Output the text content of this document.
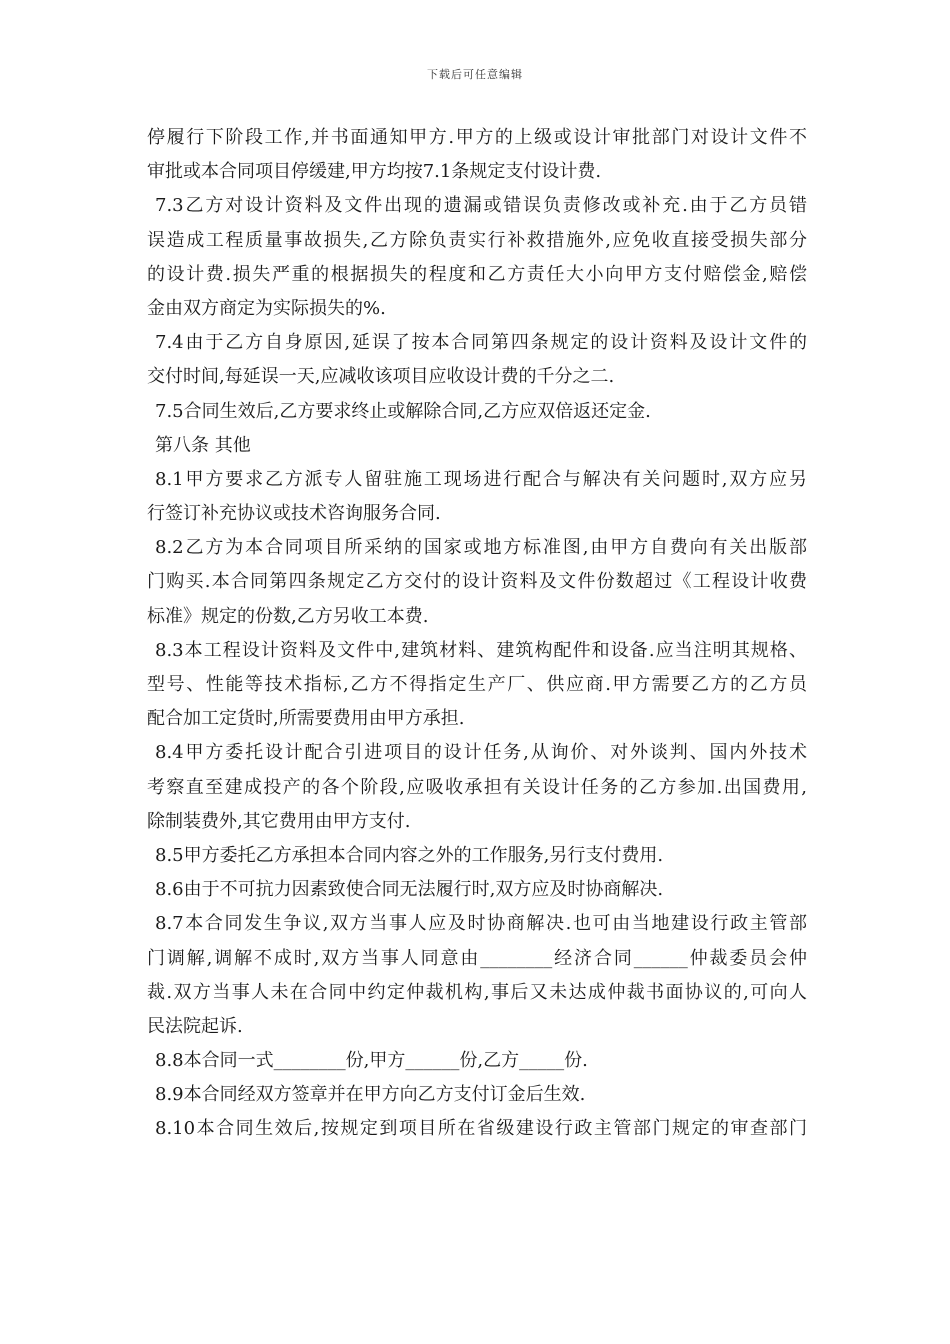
下载后可任意编辑
停履行下阶段工作,并书面通知甲方.甲方的上级或设计审批部门对设计文件不
审批或本合同项目停缓建,甲方均按7.1条规定支付设计费.
7.3乙方对设计资料及文件出现的遗漏或错误负责修改或补充.由于乙方员错
误造成工程质量事故损失,乙方除负责实行补救措施外,应免收直接受损失部分
的设计费.损失严重的根据损失的程度和乙方责任大小向甲方支付赔偿金,赔偿
金由双方商定为实际损失的%.
7.4由于乙方自身原因,延误了按本合同第四条规定的设计资料及设计文件的
交付时间,每延误一天,应减收该项目应收设计费的千分之二.
7.5合同生效后,乙方要求终止或解除合同,乙方应双倍返还定金.
第八条 其他
8.1甲方要求乙方派专人留驻施工现场进行配合与解决有关问题时,双方应另
行签订补充协议或技术咨询服务合同.
8.2乙方为本合同项目所采纳的国家或地方标准图,由甲方自费向有关出版部
门购买.本合同第四条规定乙方交付的设计资料及文件份数超过《工程设计收费
标准》规定的份数,乙方另收工本费.
8.3本工程设计资料及文件中,建筑材料、建筑构配件和设备.应当注明其规格、
型号、性能等技术指标,乙方不得指定生产厂、供应商.甲方需要乙方的乙方员
配合加工定货时,所需要费用由甲方承担.
8.4甲方委托设计配合引进项目的设计任务,从询价、对外谈判、国内外技术
考察直至建成投产的各个阶段,应吸收承担有关设计任务的乙方参加.出国费用,
除制装费外,其它费用由甲方支付.
8.5甲方委托乙方承担本合同内容之外的工作服务,另行支付费用.
8.6由于不可抗力因素致使合同无法履行时,双方应及时协商解决.
8.7本合同发生争议,双方当事人应及时协商解决.也可由当地建设行政主管部
门调解,调解不成时,双方当事人同意由________经济合同______仲裁委员会仲
裁.双方当事人未在合同中约定仲裁机构,事后又未达成仲裁书面协议的,可向人
民法院起诉.
8.8本合同一式________份,甲方______份,乙方_____份.
8.9本合同经双方签章并在甲方向乙方支付订金后生效.
8.10本合同生效后,按规定到项目所在省级建设行政主管部门规定的审查部门
